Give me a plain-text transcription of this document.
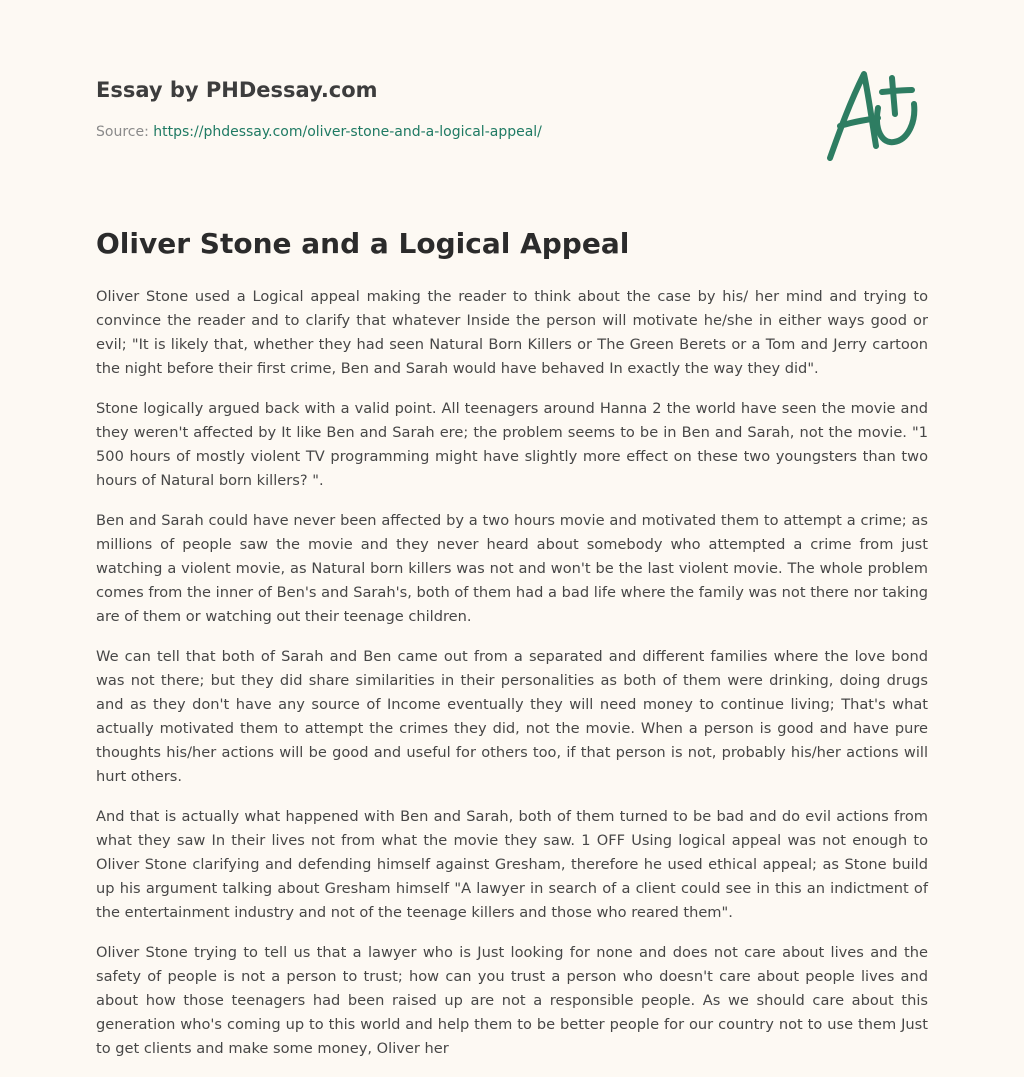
Essay by PHDessay.com
Source: https://phdessay.com/oliver-stone-and-a-logical-appeal/
Oliver Stone and a Logical Appeal

Oliver Stone used a Logical appeal making the reader to think about the case by his/ her mind and trying to convince the reader and to clarify that whatever Inside the person will motivate he/she in either ways good or evil; "It is likely that, whether they had seen Natural Born Killers or The Green Berets or a Tom and Jerry cartoon the night before their first crime, Ben and Sarah would have behaved In exactly the way they did".

Stone logically argued back with a valid point. All teenagers around Hanna 2 the world have seen the movie and they weren't affected by It like Ben and Sarah ere; the problem seems to be in Ben and Sarah, not the movie. "1 500 hours of mostly violent TV programming might have slightly more effect on these two youngsters than two hours of Natural born killers? ".

Ben and Sarah could have never been affected by a two hours movie and motivated them to attempt a crime; as millions of people saw the movie and they never heard about somebody who attempted a crime from just watching a violent movie, as Natural born killers was not and won't be the last violent movie. The whole problem comes from the inner of Ben's and Sarah's, both of them had a bad life where the family was not there nor taking are of them or watching out their teenage children.

We can tell that both of Sarah and Ben came out from a separated and different families where the love bond was not there; but they did share similarities in their personalities as both of them were drinking, doing drugs and as they don't have any source of Income eventually they will need money to continue living; That's what actually motivated them to attempt the crimes they did, not the movie. When a person is good and have pure thoughts his/her actions will be good and useful for others too, if that person is not, probably his/her actions will hurt others.

And that is actually what happened with Ben and Sarah, both of them turned to be bad and do evil actions from what they saw In their lives not from what the movie they saw. 1 OFF Using logical appeal was not enough to Oliver Stone clarifying and defending himself against Gresham, therefore he used ethical appeal; as Stone build up his argument talking about Gresham himself "A lawyer in search of a client could see in this an indictment of the entertainment industry and not of the teenage killers and those who reared them".

Oliver Stone trying to tell us that a lawyer who is Just looking for none and does not care about lives and the safety of people is not a person to trust; how can you trust a person who doesn't care about people lives and about how those teenagers had been raised up are not a responsible people. As we should care about this generation who's coming up to this world and help them to be better people for our country not to use them Just to get clients and make some money, Oliver her
